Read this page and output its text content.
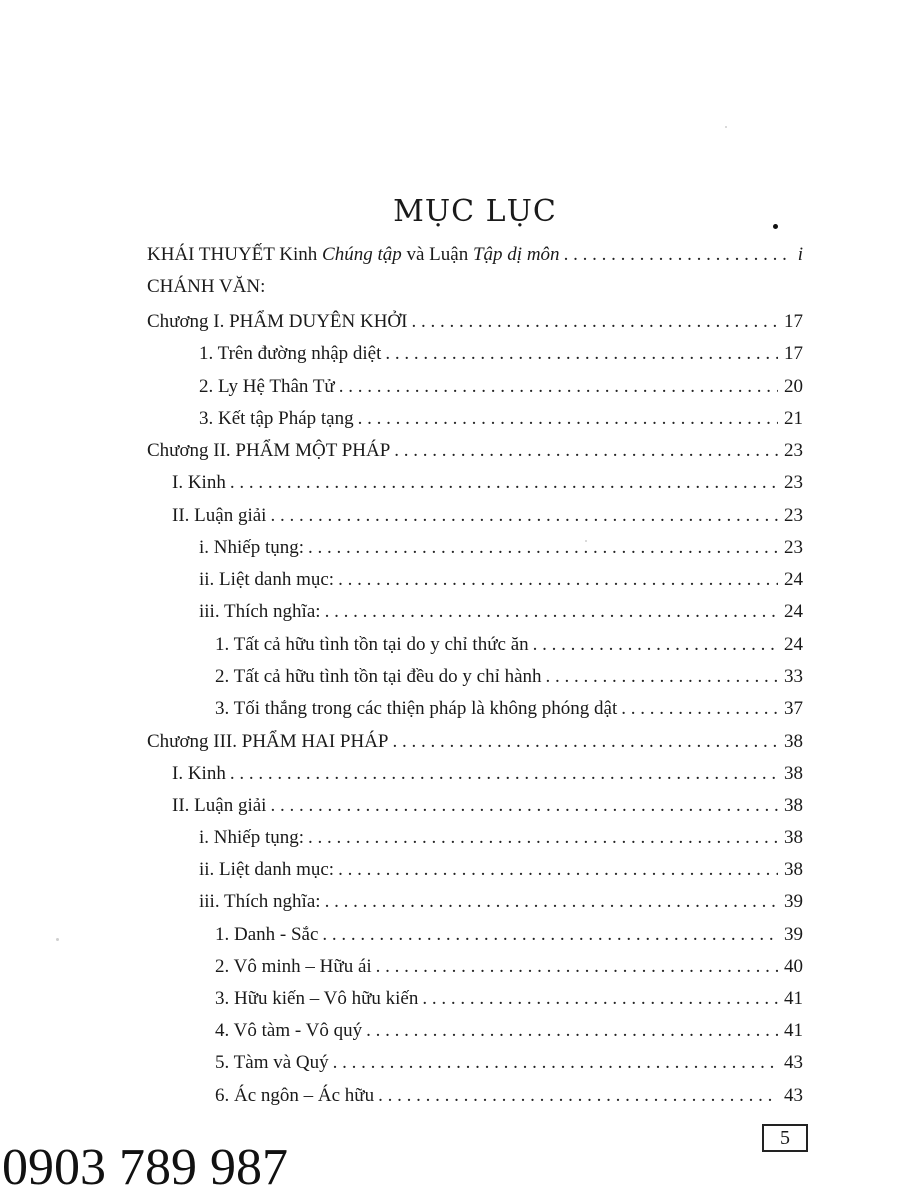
MỤC LỤC
KHÁI THUYẾT Kinh Chúng tập và Luận Tập dị môn . . .	i
CHÁNH VĂN:
Chương I. PHẨM DUYÊN KHỞI . . .	17
1. Trên đường nhập diệt . . .	17
2. Ly Hệ Thân Tử . . .	20
3. Kết tập Pháp tạng . . .	21
Chương II. PHẨM MỘT PHÁP . . .	23
I. Kinh . . .	23
II. Luận giải . . .	23
i. Nhiếp tụng: . . .	23
ii. Liệt danh mục: . . .	24
iii. Thích nghĩa: . . .	24
1. Tất cả hữu tình tồn tại do y chỉ thức ăn . . .	24
2. Tất cả hữu tình tồn tại đều do y chỉ hành . . .	33
3. Tối thắng trong các thiện pháp là không phóng dật . . .	37
Chương III. PHẨM HAI PHÁP . . .	38
I. Kinh . . .	38
II. Luận giải . . .	38
i. Nhiếp tụng: . . .	38
ii. Liệt danh mục: . . .	38
iii. Thích nghĩa: . . .	39
1. Danh - Sắc . . .	39
2. Vô minh – Hữu ái . . .	40
3. Hữu kiến – Vô hữu kiến . . .	41
4. Vô tàm - Vô quý . . .	41
5. Tàm và Quý . . .	43
6. Ác ngôn – Ác hữu . . .	43
5
0903 789 987
